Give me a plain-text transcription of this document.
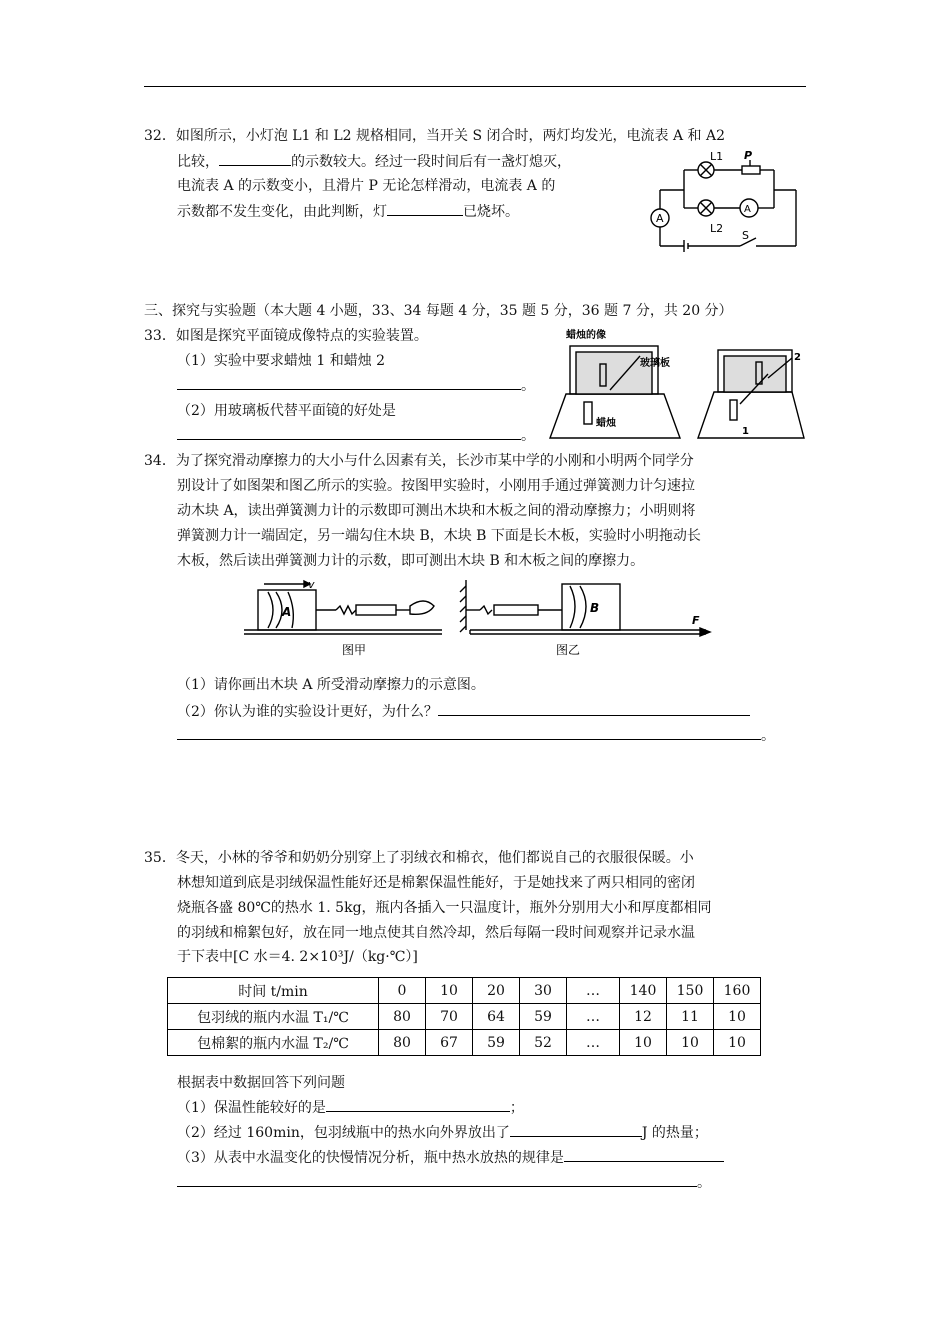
32．如图所示，小灯泡 L1 和 L2 规格相同，当开关 S 闭合时，两灯均发光，电流表 A 和 A2
比较，	的示数较大。经过一段时间后有一盏灯熄灭，
电流表 A 的示数变小，且滑片 P 无论怎样滑动，电流表 A 的
示数都不发生变化，由此判断，灯	已烧坏。
L1 P
L2
S
A
A
三、探究与实验题（本大题 4 小题，33、34 每题 4 分，35 题 5 分，36 题 7 分，共 20 分）
33．如图是探究平面镜成像特点的实验装置。
（1）实验中要求蜡烛 1 和蜡烛 2
。
（2）用玻璃板代替平面镜的好处是
。
蜡烛的像
玻璃板
蜡烛
2
1
34．为了探究滑动摩擦力的大小与什么因素有关，长沙市某中学的小刚和小明两个同学分
别设计了如图架和图乙所示的实验。按图甲实验时，小刚用手通过弹簧测力计匀速拉
动木块 A，读出弹簧测力计的示数即可测出木块和木板之间的滑动摩擦力；小明则将
弹簧测力计一端固定，另一端勾住木块 B，木块 B 下面是长木板，实验时小明拖动长
木板，然后读出弹簧测力计的示数，即可测出木块 B 和木板之间的摩擦力。
v
A	B
F
图甲	图乙
（1）请你画出木块 A 所受滑动摩擦力的示意图。
（2）你认为谁的实验设计更好，为什么？
。
35．冬天，小林的爷爷和奶奶分别穿上了羽绒衣和棉衣，他们都说自己的衣服很保暖。小
林想知道到底是羽绒保温性能好还是棉絮保温性能好，于是她找来了两只相同的密闭
烧瓶各盛 80℃的热水 1. 5kg，瓶内各插入一只温度计，瓶外分别用大小和厚度都相同
的羽绒和棉絮包好，放在同一地点使其自然冷却，然后每隔一段时间观察并记录水温
于下表中[C 水＝4. 2×10³J/（kg·℃）]
时间 t/min	0	10	20	30	…	140	150	160
包羽绒的瓶内水温 T₁/℃	80	70	64	59	…	12	11	10
包棉絮的瓶内水温 T₂/℃	80	67	59	52	…	10	10	10
根据表中数据回答下列问题
（1）保温性能较好的是	；
（2）经过 160min，包羽绒瓶中的热水向外界放出了	J 的热量；
（3）从表中水温变化的快慢情况分析，瓶中热水放热的规律是
。
